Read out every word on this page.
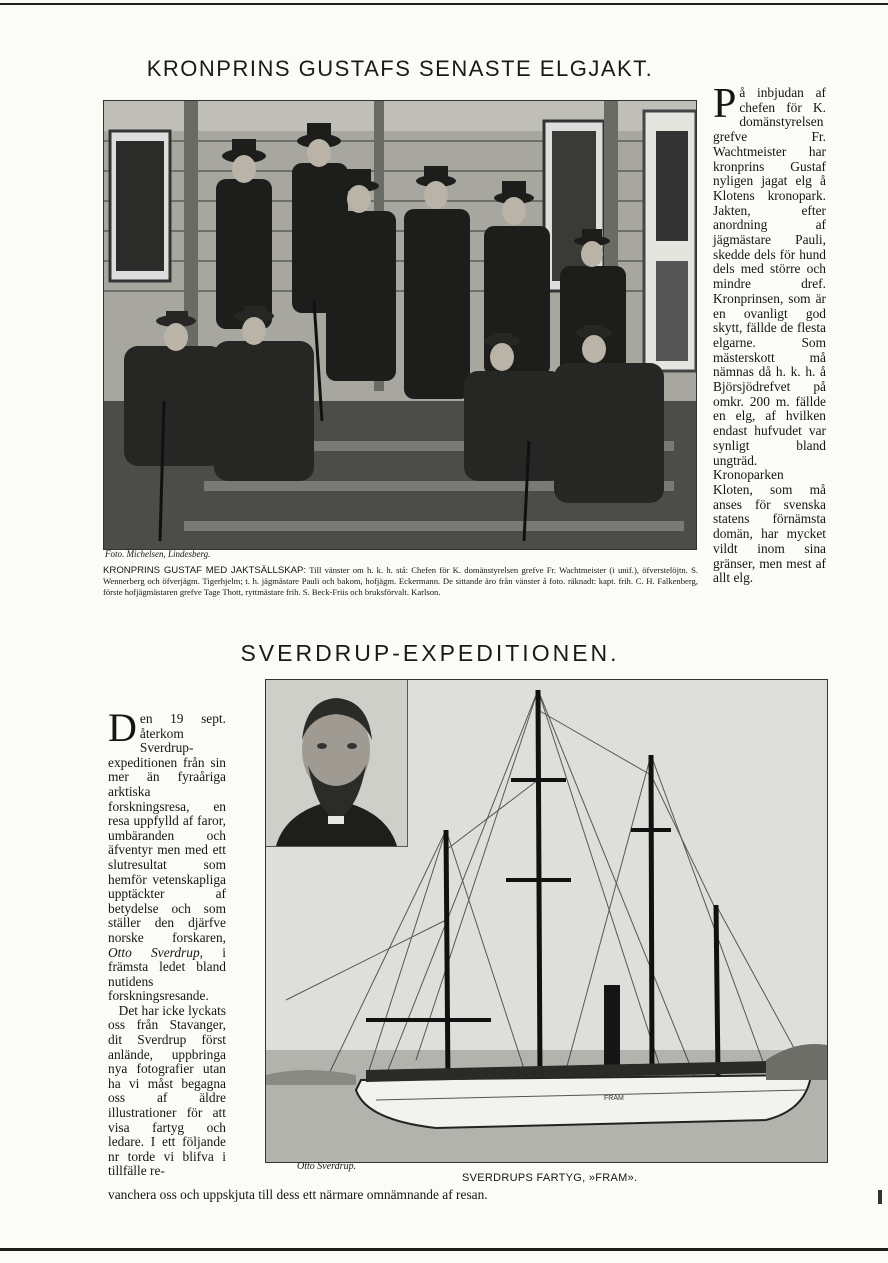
KRONPRINS GUSTAFS SENASTE ELGJAKT.
Foto. Michelsen, Lindesberg.

KRONPRINS GUSTAF MED JAKTSÄLLSKAP: Till vänster om h. k. h. stå: Chefen för K. domänstyrelsen grefve Fr. Wachtmeister (i unif.), öfverstelöjtn. S. Wennerberg och öfverjägm. Tigerhjelm; t. h. jägmästare Pauli och bakom, hofjägm. Eckermann. De sittande äro från vänster å foto. räknadt: kapt. frih. C. H. Falkenberg, förste hofjägmästaren grefve Tage Thott, ryttmästare frih. S. Beck-Friis och bruksförvalt. Karlson.

På inbjudan af chefen för K. domänstyrelsen grefve Fr. Wachtmeister har kronprins Gustaf nyligen jagat elg å Klotens kronopark. Jakten, efter anordning af jägmästare Pauli, skedde dels för hund dels med större och mindre dref. Kronprinsen, som är en ovanligt god skytt, fällde de flesta elgarne. Som mästerskott må nämnas då h. k. h. å Björsjödrefvet på omkr. 200 m. fällde en elg, af hvilken endast hufvudet var synligt bland ungträd. Kronoparken Kloten, som må anses för svenska statens förnämsta domän, har mycket vildt inom sina gränser, men mest af allt elg.

SVERDRUP-EXPEDITIONEN.

Den 19 sept. återkom Sverdrup-expeditionen från sin mer än fyraåriga arktiska forskningsresa, en resa uppfylld af faror, umbäranden och äfventyr men med ett slutresultat som hemför vetenskapliga upptäckter af betydelse och som ställer den djärfve norske forskaren, Otto Sverdrup, i främsta ledet bland nutidens forskningsresande.
Det har icke lyckats oss från Stavanger, dit Sverdrup först anlände, uppbringa nya fotografier utan ha vi måst begagna oss af äldre illustrationer för att visa fartyg och ledare. I ett följande nr torde vi blifva i tillfälle re-

vanchera oss och uppskjuta till dess ett närmare omnämnande af resan.

FRAM
Otto Sverdrup.
SVERDRUPS FARTYG, »FRAM».
